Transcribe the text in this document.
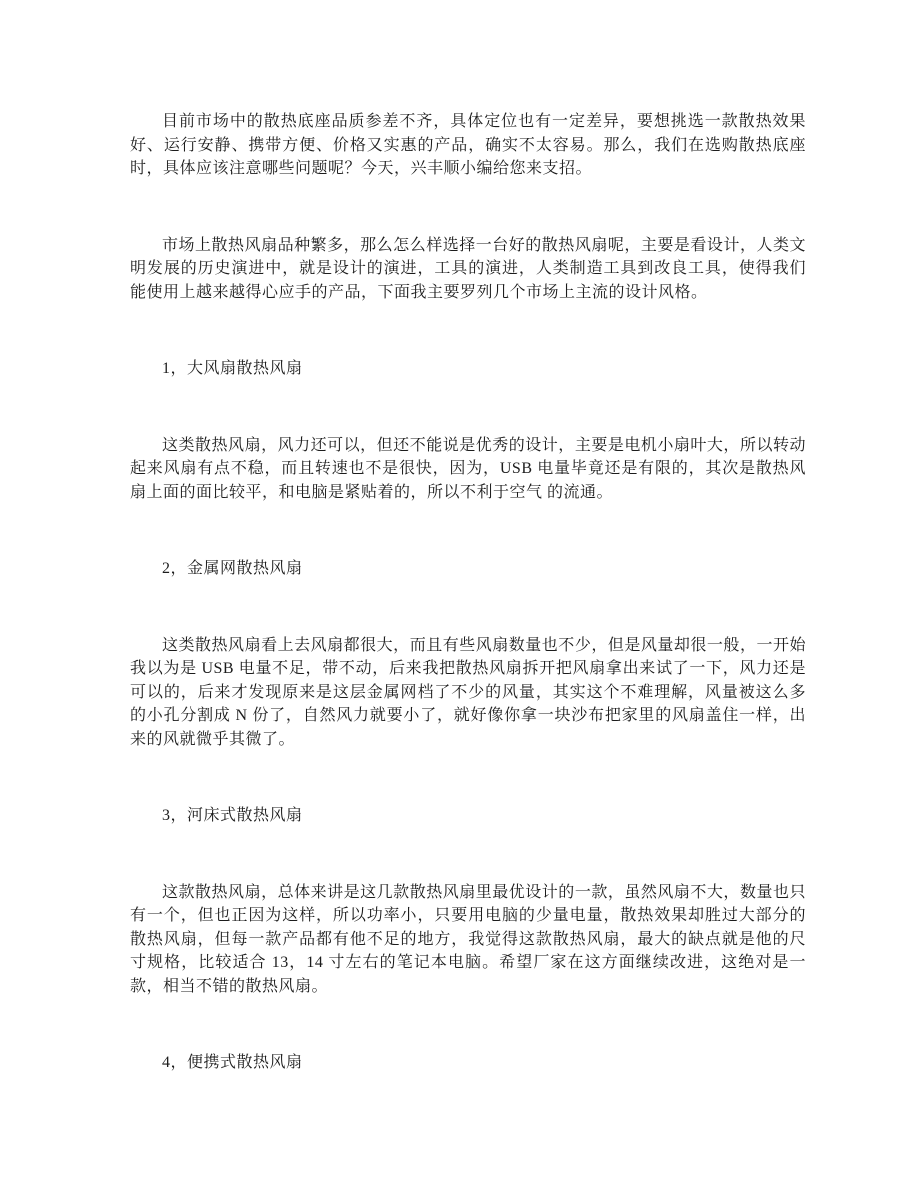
目前市场中的散热底座品质参差不齐，具体定位也有一定差异，要想挑选一款散热效果好、运行安静、携带方便、价格又实惠的产品，确实不太容易。那么，我们在选购散热底座时，具体应该注意哪些问题呢？今天，兴丰顺小编给您来支招。

市场上散热风扇品种繁多，那么怎么样选择一台好的散热风扇呢，主要是看设计，人类文明发展的历史演进中，就是设计的演进，工具的演进，人类制造工具到改良工具，使得我们能使用上越来越得心应手的产品，下面我主要罗列几个市场上主流的设计风格。

1，大风扇散热风扇

这类散热风扇，风力还可以，但还不能说是优秀的设计，主要是电机小扇叶大，所以转动起来风扇有点不稳，而且转速也不是很快，因为，USB 电量毕竟还是有限的，其次是散热风扇上面的面比较平，和电脑是紧贴着的，所以不利于空气 的流通。

2，金属网散热风扇

这类散热风扇看上去风扇都很大，而且有些风扇数量也不少，但是风量却很一般，一开始我以为是 USB 电量不足，带不动，后来我把散热风扇拆开把风扇拿出来试了一下，风力还是可以的，后来才发现原来是这层金属网档了不少的风量，其实这个不难理解，风量被这么多的小孔分割成 N 份了，自然风力就要小了，就好像你拿一块沙布把家里的风扇盖住一样，出来的风就微乎其微了。

3，河床式散热风扇

这款散热风扇，总体来讲是这几款散热风扇里最优设计的一款，虽然风扇不大，数量也只有一个，但也正因为这样，所以功率小，只要用电脑的少量电量，散热效果却胜过大部分的散热风扇，但每一款产品都有他不足的地方，我觉得这款散热风扇，最大的缺点就是他的尺寸规格，比较适合 13，14 寸左右的笔记本电脑。希望厂家在这方面继续改进，这绝对是一款，相当不错的散热风扇。

4，便携式散热风扇
